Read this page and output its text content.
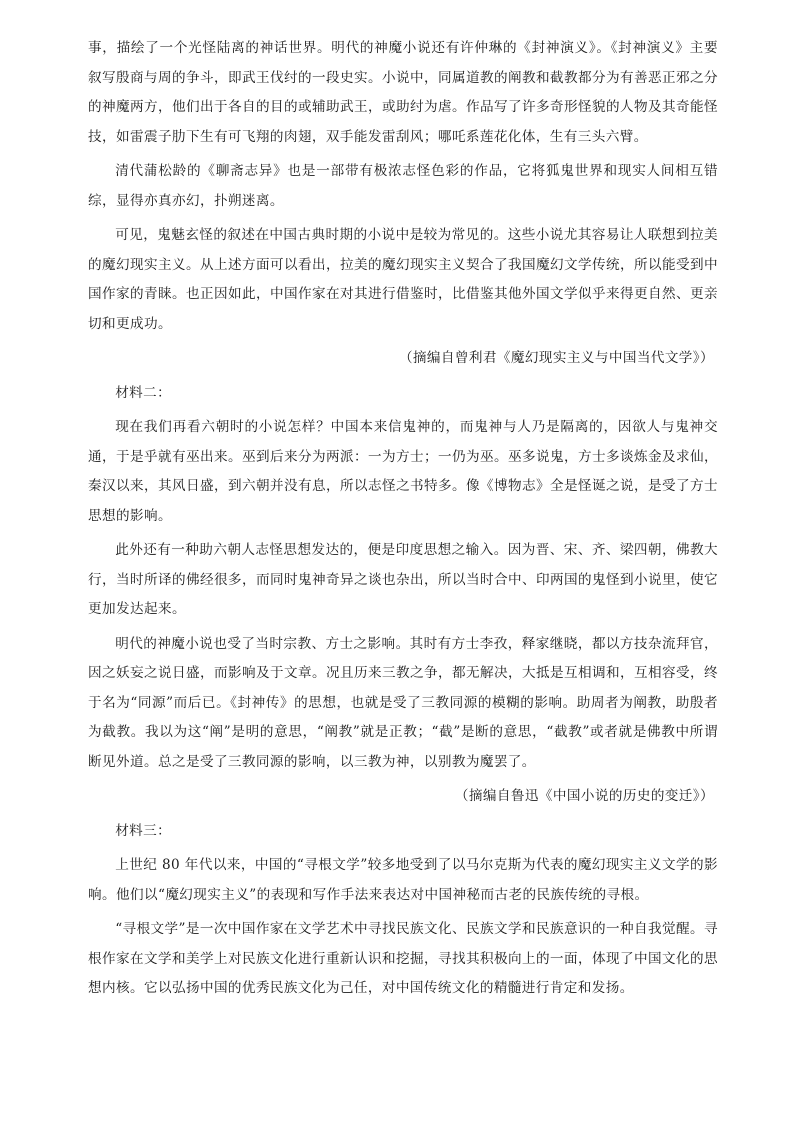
事，描绘了一个光怪陆离的神话世界。明代的神魔小说还有许仲琳的《封神演义》。《封神演义》主要叙写殷商与周的争斗，即武王伐纣的一段史实。小说中，同属道教的阐教和截教都分为有善恶正邪之分的神魔两方，他们出于各自的目的或辅助武王，或助纣为虐。作品写了许多奇形怪貌的人物及其奇能怪技，如雷震子肋下生有可飞翔的肉翅，双手能发雷刮风；哪吒系莲花化体，生有三头六臂。

清代蒲松龄的《聊斋志异》也是一部带有极浓志怪色彩的作品，它将狐鬼世界和现实人间相互错综，显得亦真亦幻，扑朔迷离。

可见，鬼魅玄怪的叙述在中国古典时期的小说中是较为常见的。这些小说尤其容易让人联想到拉美的魔幻现实主义。从上述方面可以看出，拉美的魔幻现实主义契合了我国魔幻文学传统，所以能受到中国作家的青睐。也正因如此，中国作家在对其进行借鉴时，比借鉴其他外国文学似乎来得更自然、更亲切和更成功。

（摘编自曾利君《魔幻现实主义与中国当代文学》）

材料二：

现在我们再看六朝时的小说怎样？中国本来信鬼神的，而鬼神与人乃是隔离的，因欲人与鬼神交通，于是乎就有巫出来。巫到后来分为两派：一为方士；一仍为巫。巫多说鬼，方士多谈炼金及求仙，秦汉以来，其风日盛，到六朝并没有息，所以志怪之书特多。像《博物志》全是怪诞之说，是受了方士思想的影响。

此外还有一种助六朝人志怪思想发达的，便是印度思想之输入。因为晋、宋、齐、梁四朝，佛教大行，当时所译的佛经很多，而同时鬼神奇异之谈也杂出，所以当时合中、印两国的鬼怪到小说里，使它更加发达起来。

明代的神魔小说也受了当时宗教、方士之影响。其时有方士李孜，释家继晓，都以方技杂流拜官，因之妖妄之说日盛，而影响及于文章。况且历来三教之争，都无解决，大抵是互相调和，互相容受，终于名为“同源”而后已。《封神传》的思想，也就是受了三教同源的模糊的影响。助周者为阐教，助殷者为截教。我以为这“阐”是明的意思，“阐教”就是正教；“截”是断的意思，“截教”或者就是佛教中所谓断见外道。总之是受了三教同源的影响，以三教为神，以别教为魔罢了。

（摘编自鲁迅《中国小说的历史的变迁》）

材料三：

上世纪 80 年代以来，中国的“寻根文学”较多地受到了以马尔克斯为代表的魔幻现实主义文学的影响。他们以“魔幻现实主义”的表现和写作手法来表达对中国神秘而古老的民族传统的寻根。

“寻根文学”是一次中国作家在文学艺术中寻找民族文化、民族文学和民族意识的一种自我觉醒。寻根作家在文学和美学上对民族文化进行重新认识和挖掘，寻找其积极向上的一面，体现了中国文化的思想内核。它以弘扬中国的优秀民族文化为己任，对中国传统文化的精髓进行肯定和发扬。
